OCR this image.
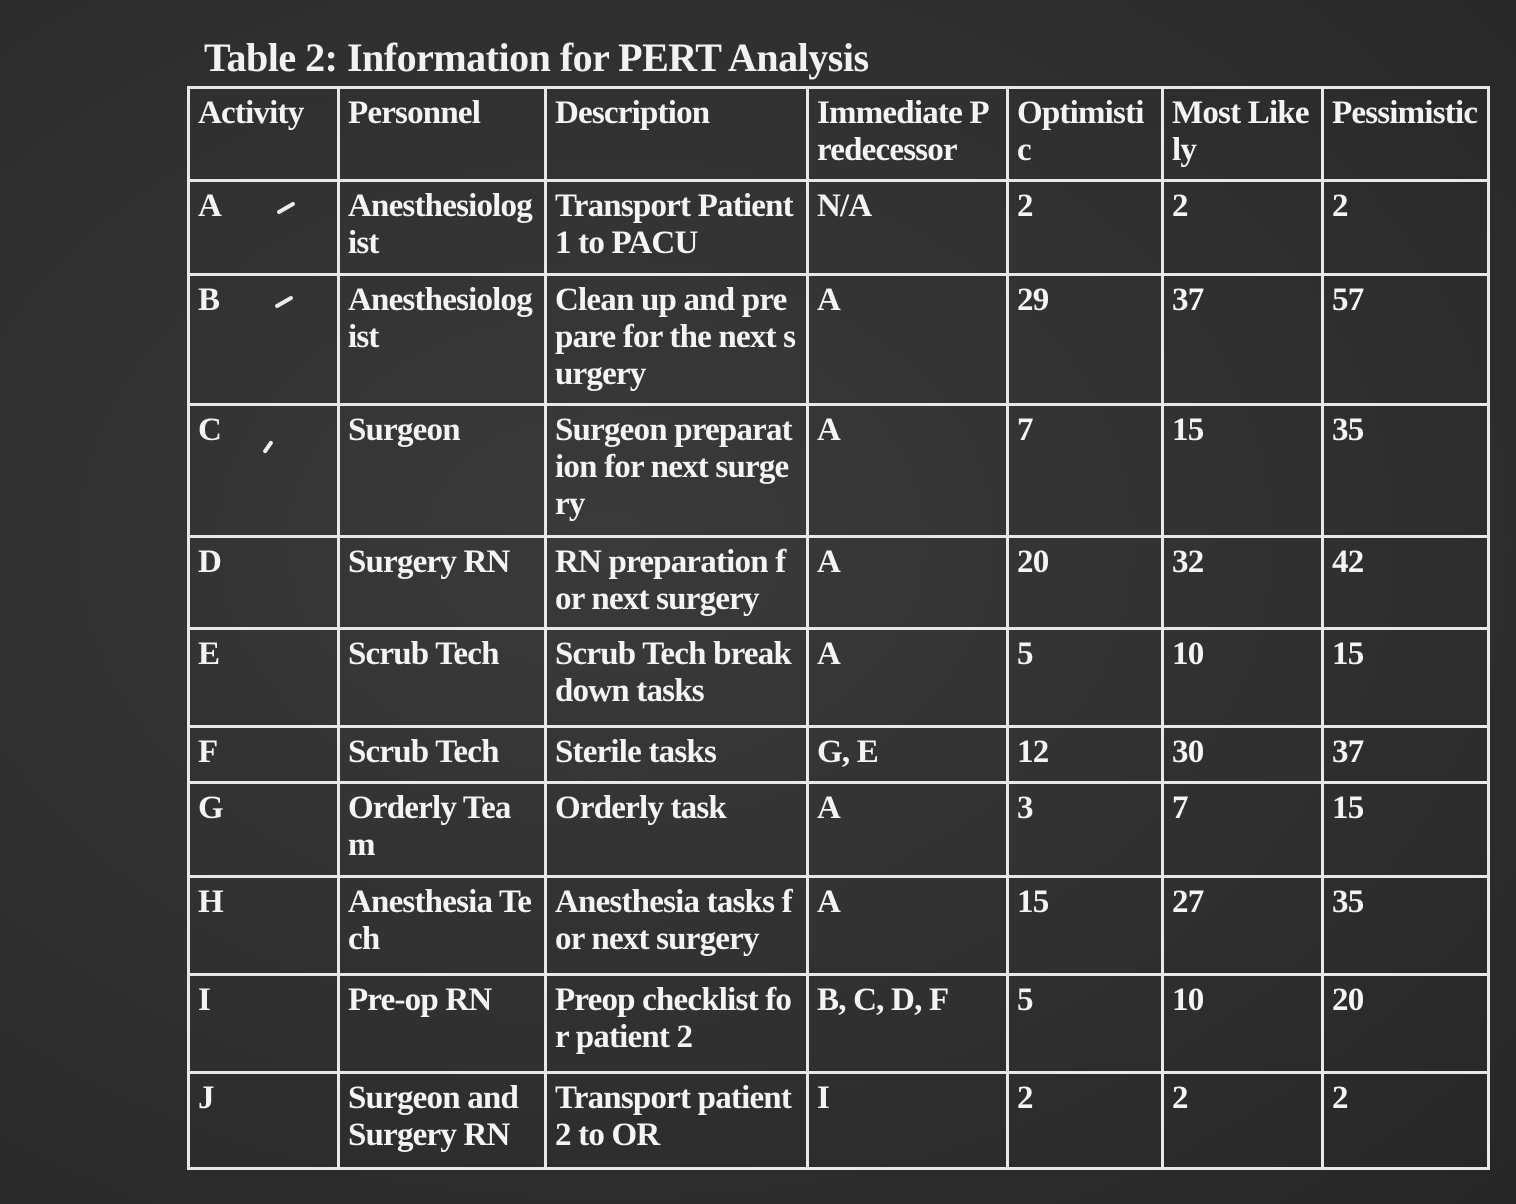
Table 2: Information for PERT Analysis
Activity	Personnel	Description	Immediate Predecessor	Optimistic	Most Likely	Pessimistic
A	Anesthesiologist	Transport Patient 1 to PACU	N/A	2	2	2
B	Anesthesiologist	Clean up and prepare for the next surgery	A	29	37	57
C	Surgeon	Surgeon preparation for next surgery	A	7	15	35
D	Surgery RN	RN preparation for next surgery	A	20	32	42
E	Scrub Tech	Scrub Tech break down tasks	A	5	10	15
F	Scrub Tech	Sterile tasks	G, E	12	30	37
G	Orderly Team	Orderly task	A	3	7	15
H	Anesthesia Tech	Anesthesia tasks for next surgery	A	15	27	35
I	Pre-op RN	Preop checklist for patient 2	B, C, D, F	5	10	20
J	Surgeon and Surgery RN	Transport patient 2 to OR	I	2	2	2
